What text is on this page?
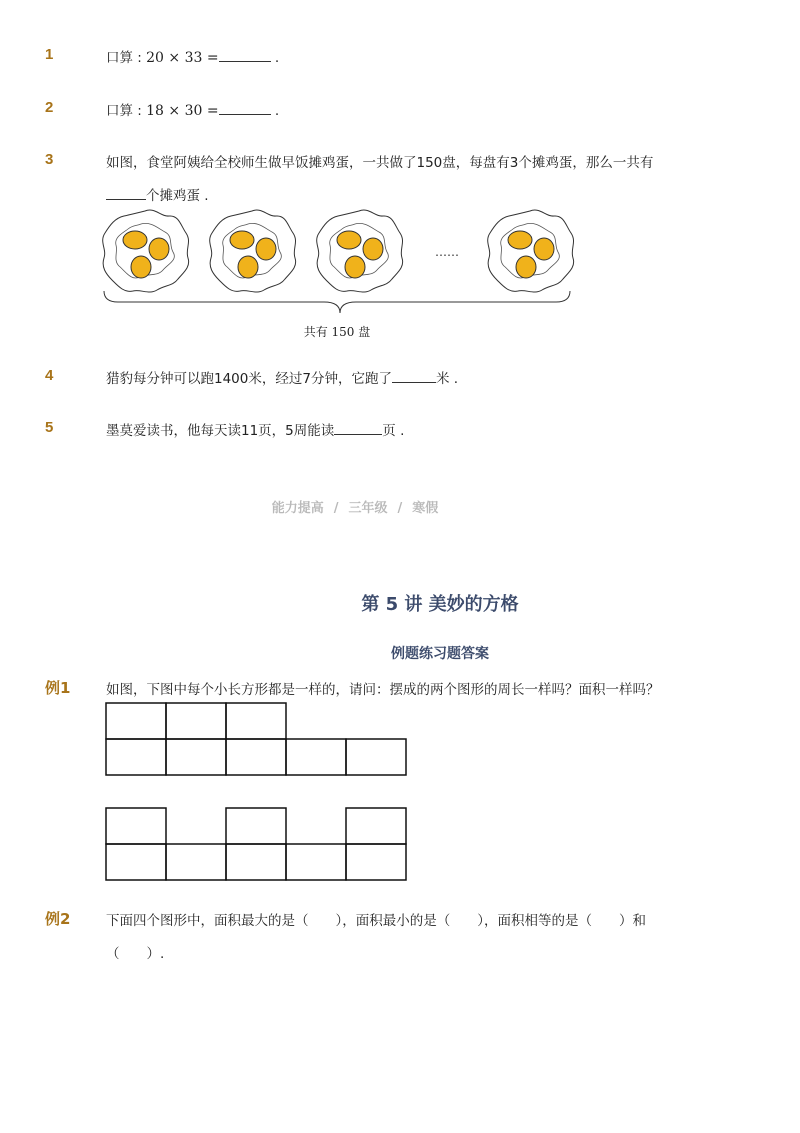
1	口算 : 20 × 33 =	.
2	口算 : 18 × 30 =	.
3	如图，食堂阿姨给全校师生做早饭摊鸡蛋，一共做了150盘，每盘有3个摊鸡蛋，那么一共有
个摊鸡蛋 .
……
共有 150 盘
4	猎豹每分钟可以跑1400米，经过7分钟，它跑了	米 .
5	墨莫爱读书，他每天读11页，5周能读	页 .
能力提高 / 三年级 / 寒假
第 5 讲 美妙的方格
例题练习题答案
例1	如图，下图中每个小长方形都是一样的，请问：摆成的两个图形的周长一样吗？面积一样吗？
例2	下面四个图形中，面积最大的是（　　），面积最小的是（　　），面积相等的是（　　）和
（　　）.
